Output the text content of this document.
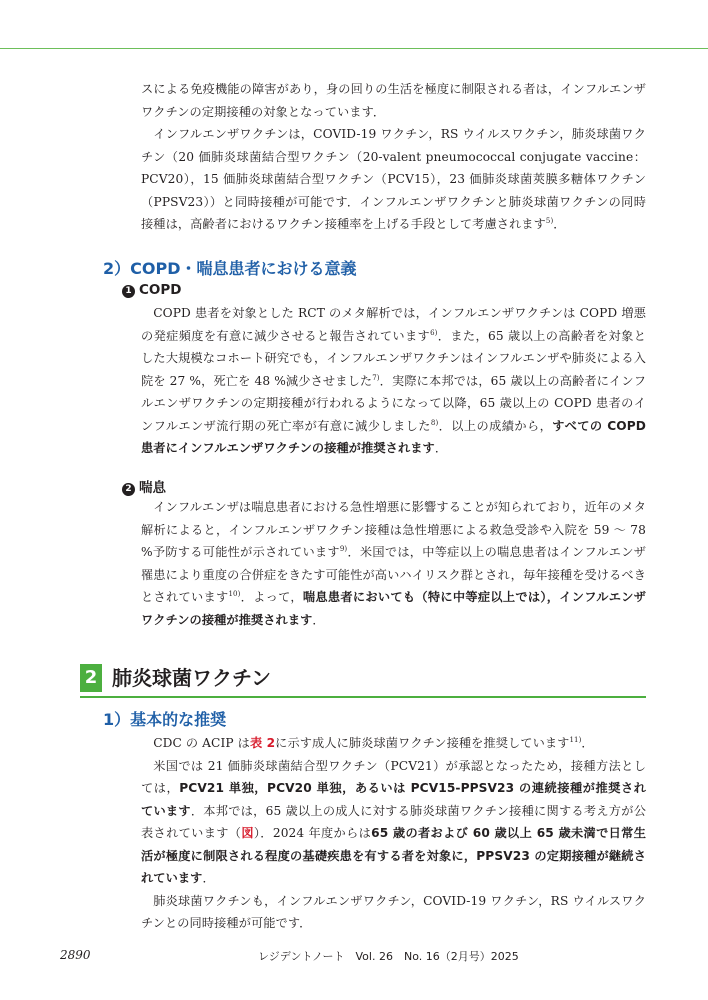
スによる免疫機能の障害があり，身の回りの生活を極度に制限される者は，インフルエンザワクチンの定期接種の対象となっています．

インフルエンザワクチンは，COVID-19 ワクチン，RS ウイルスワクチン，肺炎球菌ワクチン（20 価肺炎球菌結合型ワクチン（20-valent pneumococcal conjugate vaccine：PCV20），15 価肺炎球菌結合型ワクチン（PCV15），23 価肺炎球菌莢膜多糖体ワクチン（PPSV23））と同時接種が可能です．インフルエンザワクチンと肺炎球菌ワクチンの同時接種は，高齢者におけるワクチン接種率を上げる手段として考慮されます$^{5)}$．

2）COPD・喘息患者における意義
1 COPD

COPD 患者を対象とした RCT のメタ解析では，インフルエンザワクチンは COPD 増悪の発症頻度を有意に減少させると報告されています$^{6)}$．また，65 歳以上の高齢者を対象とした大規模なコホート研究でも，インフルエンザワクチンはインフルエンザや肺炎による入院を 27 %，死亡を 48 %減少させました$^{7)}$．実際に本邦では，65 歳以上の高齢者にインフルエンザワクチンの定期接種が行われるようになって以降，65 歳以上の COPD 患者のインフルエンザ流行期の死亡率が有意に減少しました$^{8)}$．以上の成績から，すべての COPD 患者にインフルエンザワクチンの接種が推奨されます．

2 喘息

インフルエンザは喘息患者における急性増悪に影響することが知られており，近年のメタ解析によると，インフルエンザワクチン接種は急性増悪による救急受診や入院を 59 ～ 78 %予防する可能性が示されています$^{9)}$．米国では，中等症以上の喘息患者はインフルエンザ罹患により重度の合併症をきたす可能性が高いハイリスク群とされ，毎年接種を受けるべきとされています$^{10)}$．よって，喘息患者においても（特に中等症以上では），インフルエンザワクチンの接種が推奨されます．

2 肺炎球菌ワクチン
1）基本的な推奨

CDC の ACIP は表 2に示す成人に肺炎球菌ワクチン接種を推奨しています$^{11)}$．

米国では 21 価肺炎球菌結合型ワクチン（PCV21）が承認となったため，接種方法としては，PCV21 単独，PCV20 単独，あるいは PCV15-PPSV23 の連続接種が推奨されています．本邦では，65 歳以上の成人に対する肺炎球菌ワクチン接種に関する考え方が公表されています（図）．2024 年度からは65 歳の者および 60 歳以上 65 歳未満で日常生活が極度に制限される程度の基礎疾患を有する者を対象に，PPSV23 の定期接種が継続されています．

肺炎球菌ワクチンも，インフルエンザワクチン，COVID-19 ワクチン，RS ウイルスワクチンとの同時接種が可能です．

2890	レジデントノート　Vol. 26　No. 16（2月号）2025
